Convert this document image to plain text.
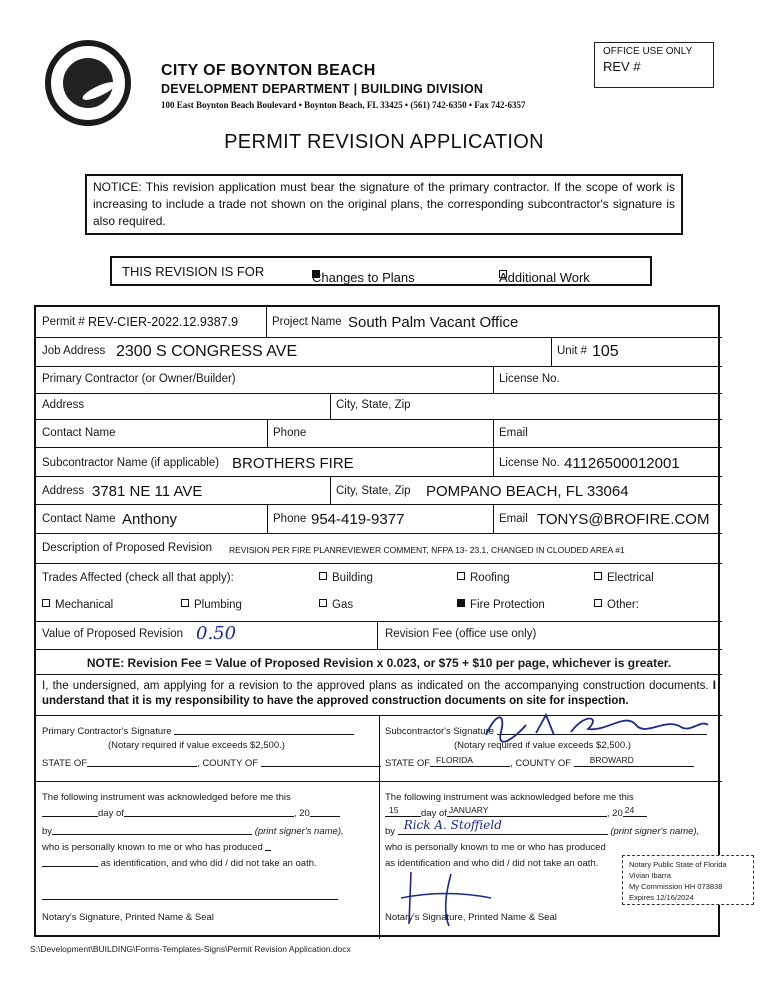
CITY OF BOYNTON BEACH
DEVELOPMENT DEPARTMENT | BUILDING DIVISION
100 East Boynton Beach Boulevard • Boynton Beach, FL 33425 • (561) 742-6350 • Fax 742-6357
OFFICE USE ONLY
REV #
PERMIT REVISION APPLICATION
NOTICE: This revision application must bear the signature of the primary contractor. If the scope of work is increasing to include a trade not shown on the original plans, the corresponding subcontractor's signature is also required.
THIS REVISION IS FOR	Changes to Plans	Additional Work
Permit # REV-CIER-2022.12.9387.9	Project Name South Palm Vacant Office
Job Address 2300 S CONGRESS AVE	Unit # 105
Primary Contractor (or Owner/Builder)	License No.
Address	City, State, Zip
Contact Name	Phone	Email
Subcontractor Name (if applicable) BROTHERS FIRE	License No. 41126500012001
Address 3781 NE 11 AVE	City, State, Zip POMPANO BEACH, FL 33064
Contact Name Anthony	Phone 954-419-9377	Email TONYS@BROFIRE.COM
Description of Proposed Revision REVISION PER FIRE PLANREVIEWER COMMENT, NFPA 13- 23.1, CHANGED IN CLOUDED AREA #1
Trades Affected (check all that apply):	Building	Roofing	Electrical
Mechanical	Plumbing	Gas	Fire Protection	Other:
Value of Proposed Revision 0.50	Revision Fee (office use only)
NOTE: Revision Fee = Value of Proposed Revision x 0.023, or $75 + $10 per page, whichever is greater.
I, the undersigned, am applying for a revision to the approved plans as indicated on the accompanying construction documents. I understand that it is my responsibility to have the approved construction documents on site for inspection.
Primary Contractor's Signature
(Notary required if value exceeds $2,500.)
STATE OF	, COUNTY OF
The following instrument was acknowledged before me this
day of	, 20
by	(print signer's name),
who is personally known to me or who has produced
as identification, and who did / did not take an oath.
Notary's Signature, Printed Name & Seal
Subcontractor's Signature
(Notary required if value exceeds $2,500.)
STATE OF FLORIDA	, COUNTY OF BROWARD
The following instrument was acknowledged before me this
15 day of JANUARY	, 20 24
by Rick A. Stoffield	(print signer's name),
who is personally known to me or who has produced
as identification and who did / did not take an oath.
Notary's Signature, Printed Name & Seal
Notary Public State of Florida
Vivian Ibarra
My Commission HH 073838
Expires 12/16/2024
S:\Development\BUILDING\Forms-Templates-Signs\Permit Revision Application.docx
